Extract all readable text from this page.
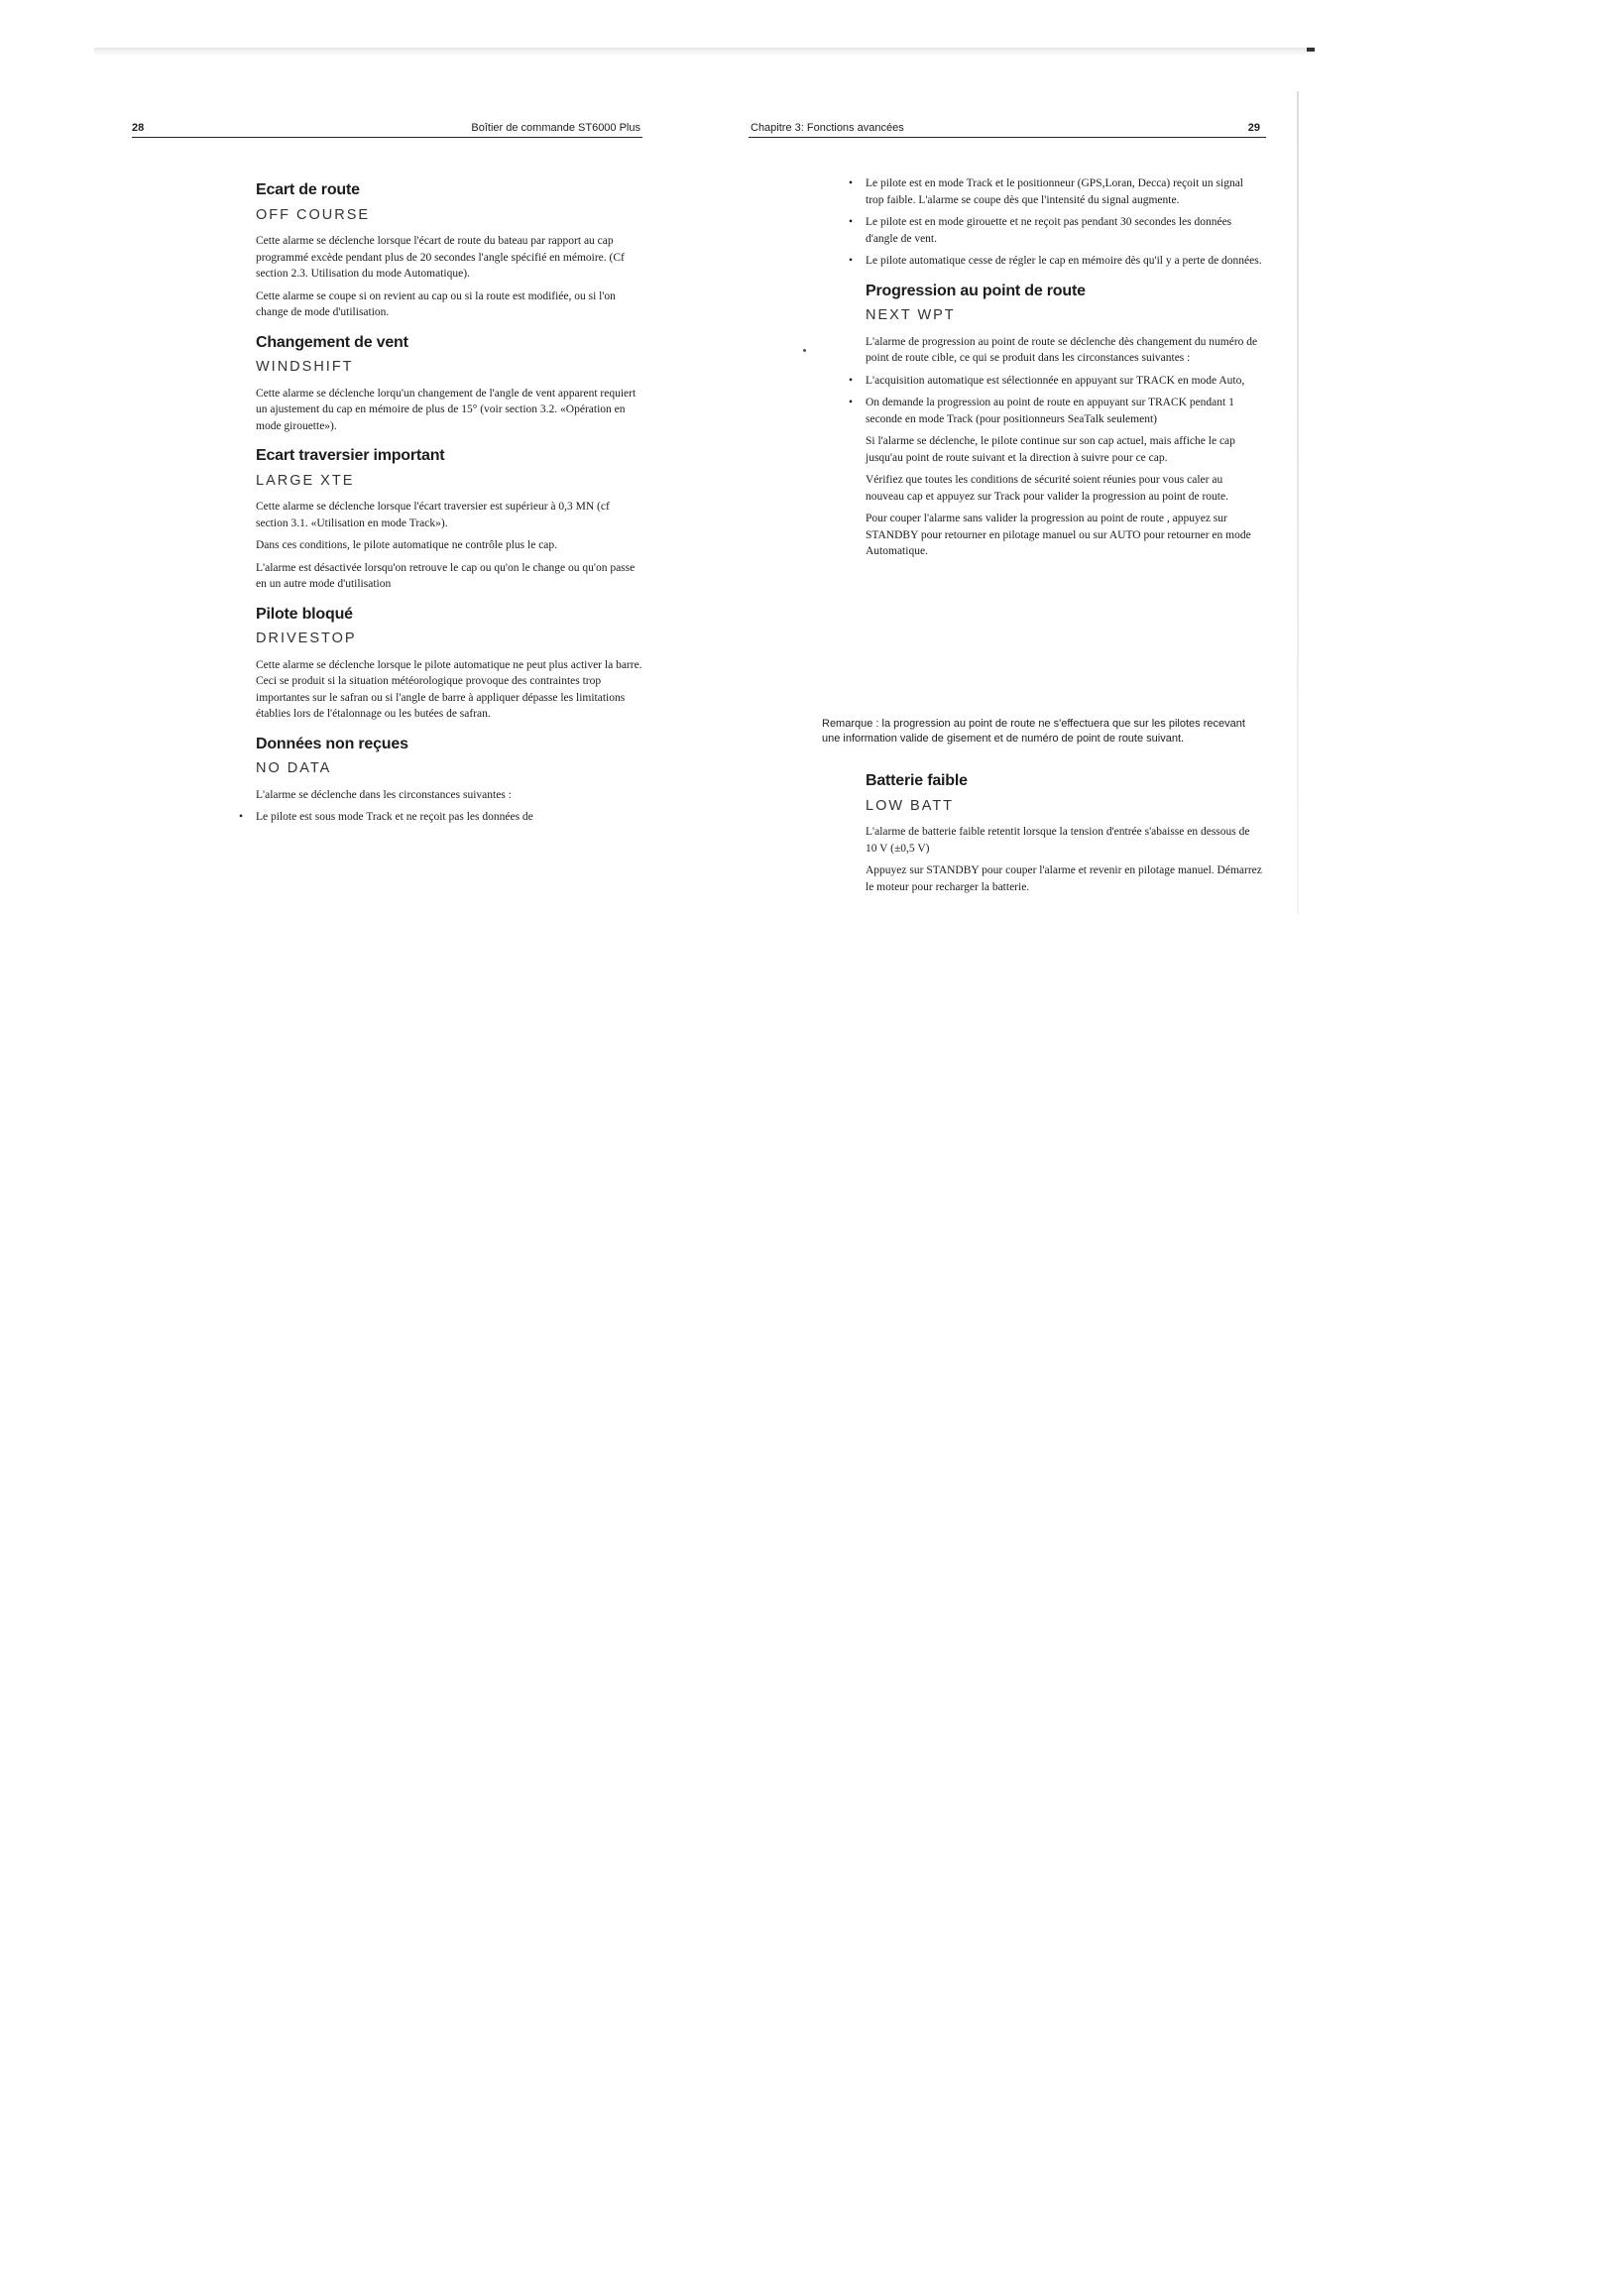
28	Boîtier de commande ST6000 Plus
Ecart de route
OFF COURSE

Cette alarme se déclenche lorsque l'écart de route du bateau par rapport au cap programmé excède pendant plus de 20 secondes l'angle spécifié en mémoire. (Cf section 2.3. Utilisation du mode Automatique).

Cette alarme se coupe si on revient au cap ou si la route est modifiée, ou si l'on change de mode d'utilisation.

Changement de vent
WINDSHIFT

Cette alarme se déclenche lorqu'un changement de l'angle de vent apparent requiert un ajustement du cap en mémoire de plus de 15° (voir section 3.2. «Opération en mode girouette»).

Ecart traversier important
LARGE XTE

Cette alarme se déclenche lorsque l'écart traversier est supérieur à 0,3 MN (cf section 3.1. «Utilisation en mode Track»).

Dans ces conditions, le pilote automatique ne contrôle plus le cap.

L'alarme est désactivée lorsqu'on retrouve le cap ou qu'on le change ou qu'on passe en un autre mode d'utilisation

Pilote bloqué
DRIVESTOP

Cette alarme se déclenche lorsque le pilote automatique ne peut plus activer la barre. Ceci se produit si la situation météorologique provoque des contraintes trop importantes sur le safran ou si l'angle de barre à appliquer dépasse les limitations établies lors de l'étalonnage ou les butées de safran.

Données non reçues
NO DATA

L'alarme se déclenche dans les circonstances suivantes :

• Le pilote est sous mode Track et ne reçoit pas les données de
Chapitre 3: Fonctions avancées	29
• Le pilote est en mode Track et le positionneur (GPS,Loran, Decca) reçoit un signal trop faible. L'alarme se coupe dès que l'intensité du signal augmente.
• Le pilote est en mode girouette et ne reçoit pas pendant 30 secondes les données d'angle de vent.
• Le pilote automatique cesse de régler le cap en mémoire dès qu'il y a perte de données.
Progression au point de route
NEXT WPT

L'alarme de progression au point de route se déclenche dès changement du numéro de point de route cible, ce qui se produit dans les circonstances suivantes :

• L'acquisition automatique est sélectionnée en appuyant sur TRACK en mode Auto,
• On demande la progression au point de route en appuyant sur TRACK pendant 1 seconde en mode Track (pour positionneurs SeaTalk seulement)

Si l'alarme se déclenche, le pilote continue sur son cap actuel, mais affiche le cap jusqu'au point de route suivant et la direction à suivre pour ce cap.

Vérifiez que toutes les conditions de sécurité soient réunies pour vous caler au nouveau cap et appuyez sur Track pour valider la progression au point de route.

Pour couper l'alarme sans valider la progression au point de route , appuyez sur STANDBY pour retourner en pilotage manuel ou sur AUTO pour retourner en mode Automatique.

Remarque : la progression au point de route ne s'effectuera que sur les pilotes recevant une information valide de gisement et de numéro de point de route suivant.
Batterie faible
LOW BATT

L'alarme de batterie faible retentit lorsque la tension d'entrée s'abaisse en dessous de 10 V (±0,5 V)

Appuyez sur STANDBY pour couper l'alarme et revenir en pilotage manuel. Démarrez le moteur pour recharger la batterie.
